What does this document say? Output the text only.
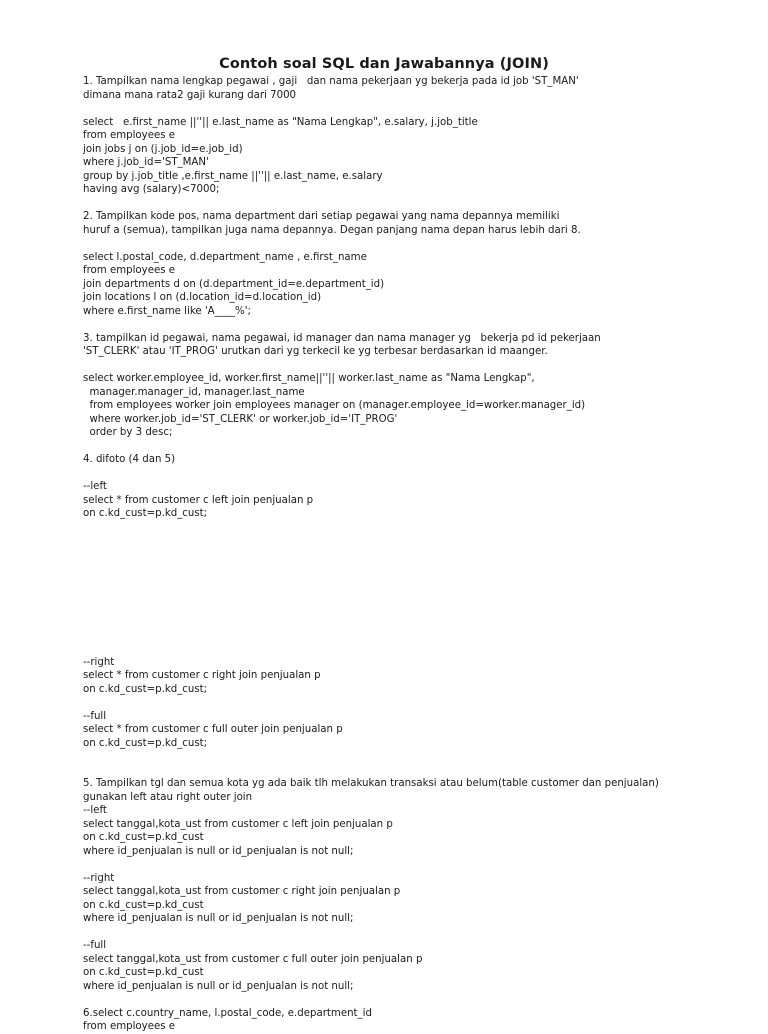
Contoh soal SQL dan Jawabannya (JOIN)
1. Tampilkan nama lengkap pegawai , gaji   dan nama pekerjaan yg bekerja pada id job 'ST_MAN'
dimana mana rata2 gaji kurang dari 7000
select   e.first_name ||''|| e.last_name as "Nama Lengkap", e.salary, j.job_title
from employees e
join jobs j on (j.job_id=e.job_id)
where j.job_id='ST_MAN'
group by j.job_title ,e.first_name ||''|| e.last_name, e.salary
having avg (salary)<7000;
2. Tampilkan kode pos, nama department dari setiap pegawai yang nama depannya memiliki
huruf a (semua), tampilkan juga nama depannya. Degan panjang nama depan harus lebih dari 8.
select l.postal_code, d.department_name , e.first_name
from employees e
join departments d on (d.department_id=e.department_id)
join locations l on (d.location_id=d.location_id)
where e.first_name like 'A____%';
3. tampilkan id pegawai, nama pegawai, id manager dan nama manager yg   bekerja pd id pekerjaan
'ST_CLERK' atau 'IT_PROG' urutkan dari yg terkecil ke yg terbesar berdasarkan id maanger.
select worker.employee_id, worker.first_name||''|| worker.last_name as "Nama Lengkap",
manager.manager_id, manager.last_name
from employees worker join employees manager on (manager.employee_id=worker.manager_id)
where worker.job_id='ST_CLERK' or worker.job_id='IT_PROG'
order by 3 desc;
4. difoto (4 dan 5)
--left
select * from customer c left join penjualan p
on c.kd_cust=p.kd_cust;
--right
select * from customer c right join penjualan p
on c.kd_cust=p.kd_cust;
--full
select * from customer c full outer join penjualan p
on c.kd_cust=p.kd_cust;
5. Tampilkan tgl dan semua kota yg ada baik tlh melakukan transaksi atau belum(table customer dan penjualan)
gunakan left atau right outer join
--left
select tanggal,kota_ust from customer c left join penjualan p
on c.kd_cust=p.kd_cust
where id_penjualan is null or id_penjualan is not null;
--right
select tanggal,kota_ust from customer c right join penjualan p
on c.kd_cust=p.kd_cust
where id_penjualan is null or id_penjualan is not null;
--full
select tanggal,kota_ust from customer c full outer join penjualan p
on c.kd_cust=p.kd_cust
where id_penjualan is null or id_penjualan is not null;
6.select c.country_name, l.postal_code, e.department_id
from employees e
